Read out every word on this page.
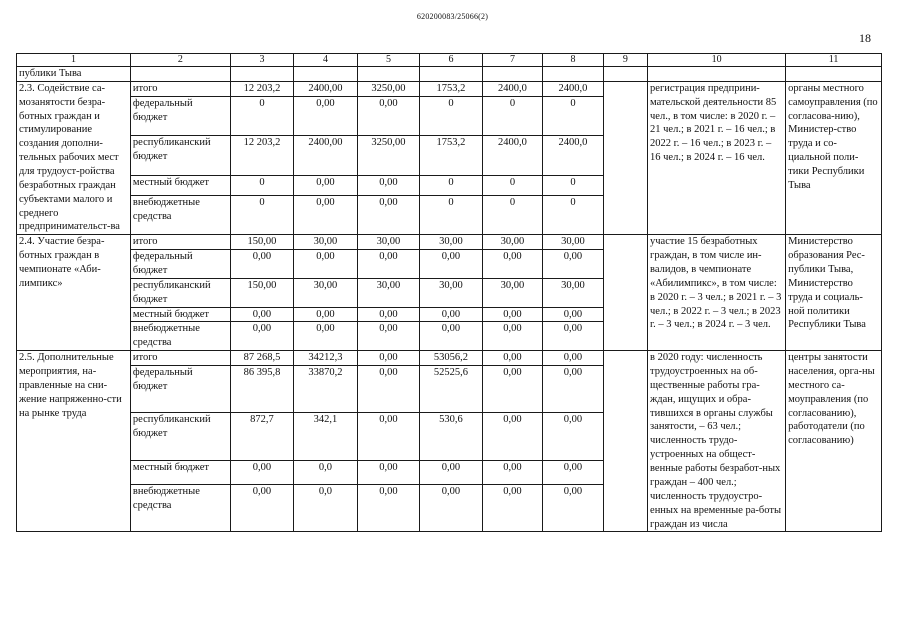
620200083/25066(2)
18
1	2	3	4	5	6	7	8	9	10	11
публики Тыва										
2.3. Содействие са-мозанятости безра-ботных граждан и стимулирование создания дополни-тельных рабочих мест для трудоуст-ройства безработных граждан субъектами малого и среднего предпринимательст-ва	итого	12 203,2	2400,00	3250,00	1753,2	2400,0	2400,0		регистрация предприни-мательской деятельности 85 чел., в том числе: в 2020 г. – 21 чел.; в 2021 г. – 16 чел.; в 2022 г. – 16 чел.; в 2023 г. – 16 чел.; в 2024 г. – 16 чел.	органы местного самоуправления (по согласова-нию), Министер-ство труда и со-циальной поли-тики Республики Тыва
	федеральный бюджет	0	0,00	0,00	0	0	0			
	республиканский бюджет	12 203,2	2400,00	3250,00	1753,2	2400,0	2400,0			
	местный бюджет	0	0,00	0,00	0	0	0			
	внебюджетные средства	0	0,00	0,00	0	0	0			
2.4. Участие безра-ботных граждан в чемпионате «Аби-лимпикс»	итого	150,00	30,00	30,00	30,00	30,00	30,00		участие 15 безработных граждан, в том числе ин-валидов, в чемпионате «Абилимпикс», в том числе: в 2020 г. – 3 чел.; в 2021 г. – 3 чел.; в 2022 г. – 3 чел.; в 2023 г. – 3 чел.; в 2024 г. – 3 чел.	Министерство образования Рес-публики Тыва, Министерство труда и социаль-ной политики Республики Тыва
	федеральный бюджет	0,00	0,00	0,00	0,00	0,00	0,00			
	республиканский бюджет	150,00	30,00	30,00	30,00	30,00	30,00			
	местный бюджет	0,00	0,00	0,00	0,00	0,00	0,00			
	внебюджетные средства	0,00	0,00	0,00	0,00	0,00	0,00			
2.5. Дополнительные мероприятия, на-правленные на сни-жение напряженно-сти на рынке труда	итого	87 268,5	34212,3	0,00	53056,2	0,00	0,00		в 2020 году: численность трудоустроенных на об-щественные работы гра-ждан, ищущих и обра-тившихся в органы службы занятости, – 63 чел.; численность трудо-устроенных на общест-венные работы безработ-ных граждан – 400 чел.; численность трудоустро-енных на временные ра-боты граждан из числа	центры занятости населения, орга-ны местного са-моуправления (по согласованию), работодатели (по согласованию)
	федеральный бюджет	86 395,8	33870,2	0,00	52525,6	0,00	0,00			
	республиканский бюджет	872,7	342,1	0,00	530,6	0,00	0,00			
	местный бюджет	0,00	0,0	0,00	0,00	0,00	0,00			
	внебюджетные средства	0,00	0,0	0,00	0,00	0,00	0,00			
